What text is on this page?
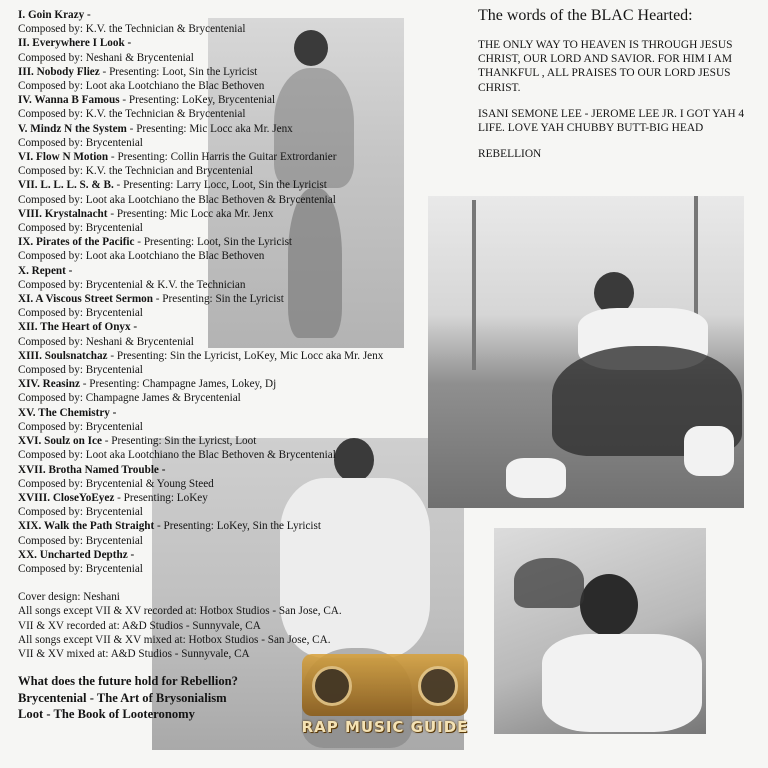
I. Goin Krazy -
Composed by: K.V. the Technician & Brycentenial
II. Everywhere I Look -
Composed by: Neshani & Brycentenial
III. Nobody Fliez - Presenting: Loot, Sin the Lyricist
Composed by: Loot aka Lootchiano the Blac Bethoven
IV. Wanna B Famous - Presenting: LoKey, Brycentenial
Composed by: K.V. the Technician & Brycentenial
V. Mindz N the System - Presenting: Mic Locc aka Mr. Jenx
Composed by: Brycentenial
VI. Flow N Motion - Presenting: Collin Harris the Guitar Extrordanier
Composed by: K.V. the Technician and Brycentenial
VII. L. L. L. S. & B. - Presenting: Larry Locc, Loot, Sin the Lyricist
Composed by: Loot aka Lootchiano the Blac Bethoven & Brycentenial
VIII. Krystalnacht - Presenting: Mic Locc aka Mr. Jenx
Composed by: Brycentenial
IX. Pirates of the Pacific - Presenting: Loot, Sin the Lyricist
Composed by: Loot aka Lootchiano the Blac Bethoven
X. Repent -
Composed by: Brycentenial & K.V. the Technician
XI. A Viscous Street Sermon - Presenting: Sin the Lyricist
Composed by: Brycentenial
XII. The Heart of Onyx -
Composed by: Neshani & Brycentenial
XIII. Soulsnatchaz - Presenting: Sin the Lyricist, LoKey, Mic Locc aka Mr. Jenx
Composed by: Brycentenial
XIV. Reasinz - Presenting: Champagne James, Lokey, Dj
Composed by: Champagne James & Brycentenial
XV. The Chemistry -
Composed by: Brycentenial
XVI. Soulz on Ice - Presenting: Sin the Lyricst, Loot
Composed by: Loot aka Lootchiano the Blac Bethoven & Brycentenial
XVII. Brotha Named Trouble -
Composed by: Brycentenial & Young Steed
XVIII. CloseYoEyez - Presenting: LoKey
Composed by: Brycentenial
XIX. Walk the Path Straight - Presenting: LoKey, Sin the Lyricist
Composed by: Brycentenial
XX. Uncharted Depthz -
Composed by: Brycentenial
Cover design: Neshani
All songs except VII & XV recorded at: Hotbox Studios - San Jose, CA.
VII & XV recorded at: A&D Studios - Sunnyvale, CA
All songs except VII & XV mixed at: Hotbox Studios - San Jose, CA.
VII & XV mixed at: A&D Studios - Sunnyvale, CA
What does the future hold for Rebellion?
Brycentenial - The Art of Brysonialism
Loot - The Book of Looteronomy
The words of the BLAC Hearted:

THE ONLY WAY TO HEAVEN IS THROUGH JESUS CHRIST, OUR LORD AND SAVIOR. FOR HIM I AM THANKFUL , ALL PRAISES TO OUR LORD JESUS CHRIST.

ISANI SEMONE LEE - JEROME LEE JR. I GOT YAH 4 LIFE. LOVE YAH CHUBBY BUTT-BIG HEAD

REBELLION

RAP MUSIC GUIDE
